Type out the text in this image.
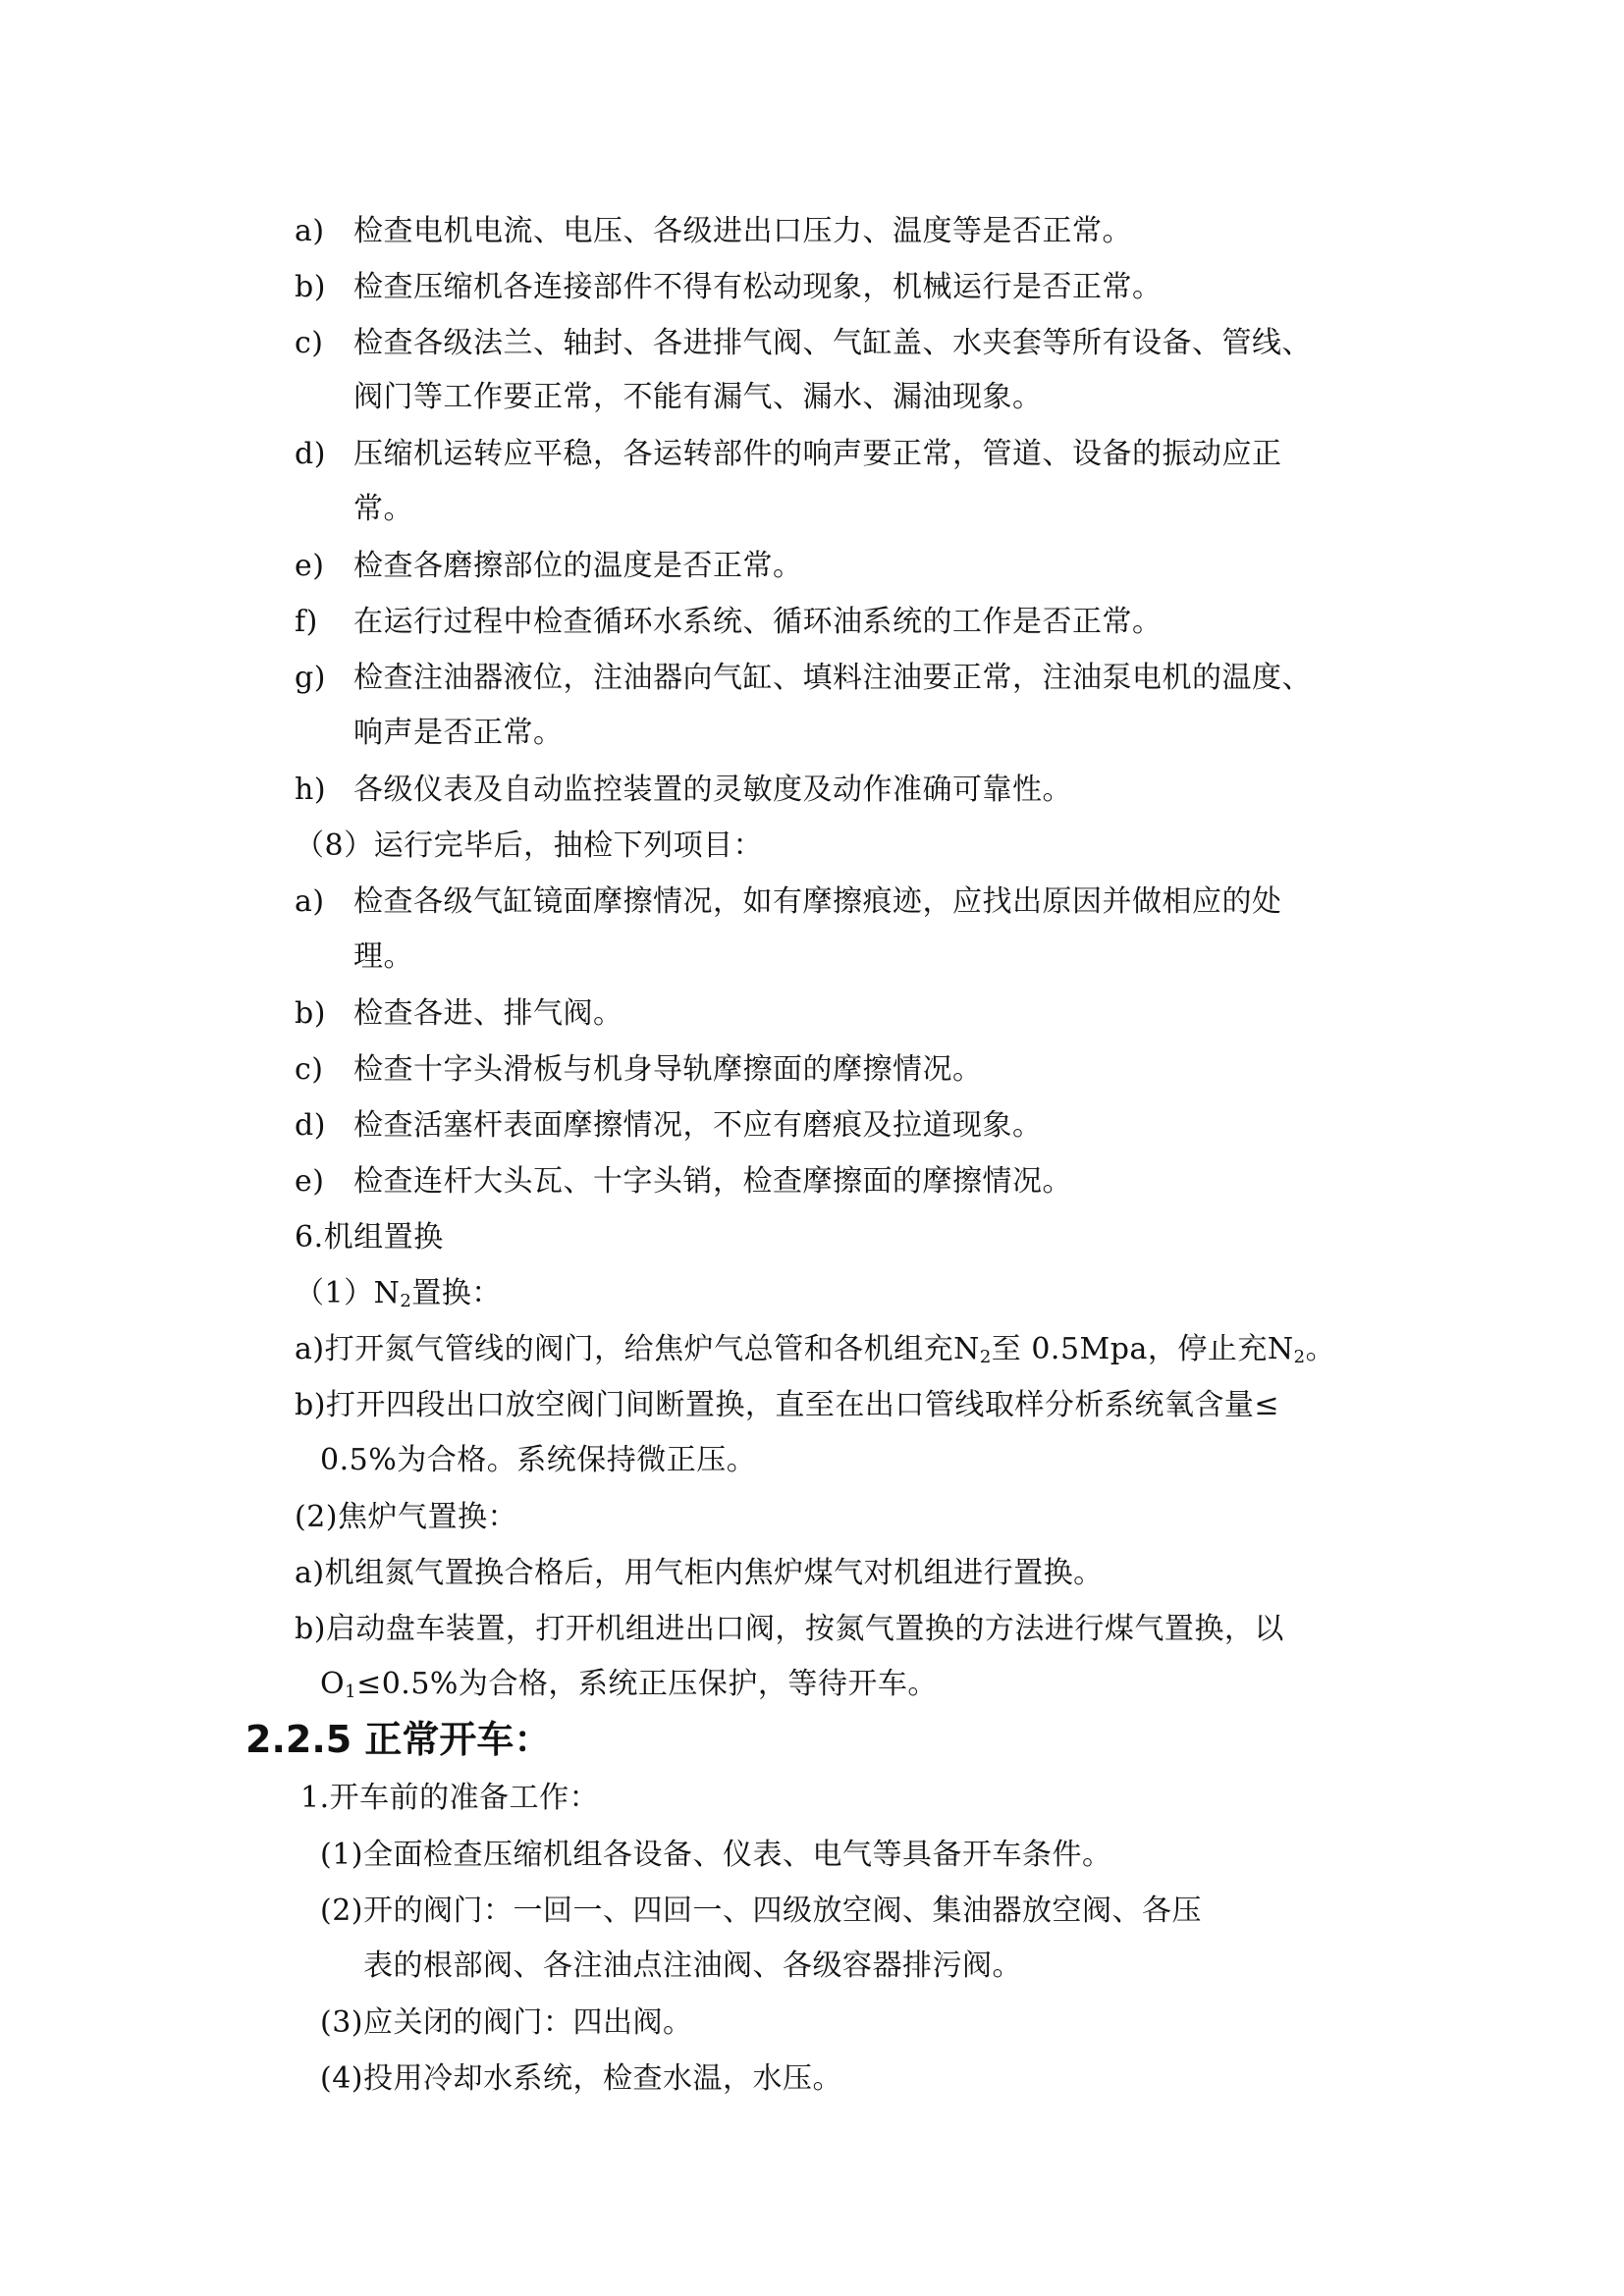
a) 检查电机电流、电压、各级进出口压力、温度等是否正常。
b) 检查压缩机各连接部件不得有松动现象，机械运行是否正常。
c) 检查各级法兰、轴封、各进排气阀、气缸盖、水夹套等所有设备、管线、
阀门等工作要正常，不能有漏气、漏水、漏油现象。
d) 压缩机运转应平稳，各运转部件的响声要正常，管道、设备的振动应正
常。
e) 检查各磨擦部位的温度是否正常。
f) 在运行过程中检查循环水系统、循环油系统的工作是否正常。
g) 检查注油器液位，注油器向气缸、填料注油要正常，注油泵电机的温度、
响声是否正常。
h) 各级仪表及自动监控装置的灵敏度及动作准确可靠性。
（8）运行完毕后，抽检下列项目：
a) 检查各级气缸镜面摩擦情况，如有摩擦痕迹，应找出原因并做相应的处
理。
b) 检查各进、排气阀。
c) 检查十字头滑板与机身导轨摩擦面的摩擦情况。
d) 检查活塞杆表面摩擦情况，不应有磨痕及拉道现象。
e) 检查连杆大头瓦、十字头销，检查摩擦面的摩擦情况。
6.机组置换
$(1)N_2$置换：
a)打开氮气管线的阀门，给焦炉气总管和各机组充$N_2$至 0.5Mpa，停止充$N_2$。
b)打开四段出口放空阀门间断置换，直至在出口管线取样分析系统氧含量≤
0.5%为合格。系统保持微正压。
(2)焦炉气置换：
a)机组氮气置换合格后，用气柜内焦炉煤气对机组进行置换。
b)启动盘车装置，打开机组进出口阀，按氮气置换的方法进行煤气置换，以
$O_1\le 0.5\%$为合格，系统正压保护，等待开车。
2.2.5 正常开车：
1.开车前的准备工作：
(1)全面检查压缩机组各设备、仪表、电气等具备开车条件。
(2)开的阀门：一回一、四回一、四级放空阀、集油器放空阀、各压
表的根部阀、各注油点注油阀、各级容器排污阀。
(3)应关闭的阀门：四出阀。
(4)投用冷却水系统，检查水温，水压。
